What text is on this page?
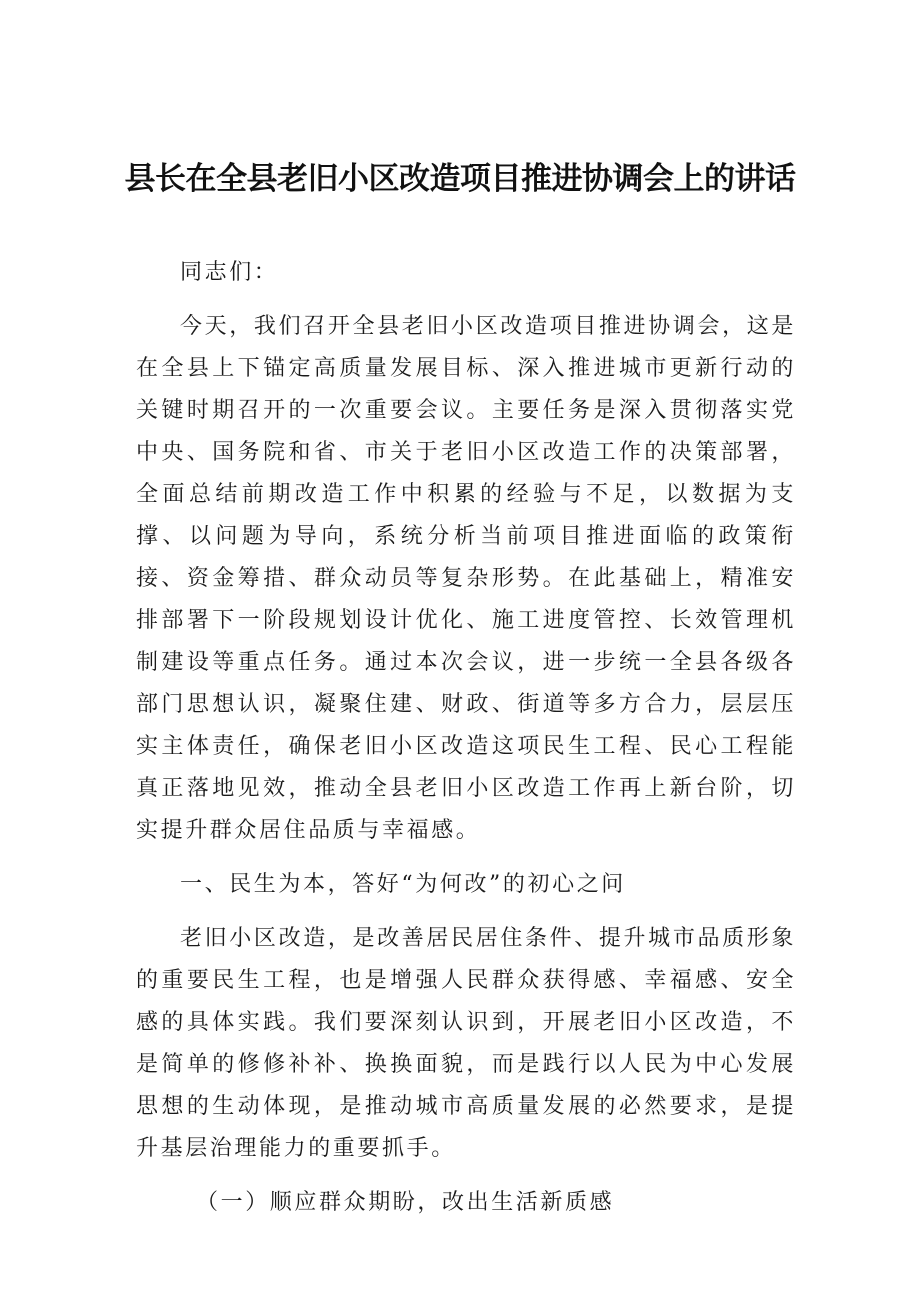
县长在全县老旧小区改造项目推进协调会上的讲话

同志们：

今天，我们召开全县老旧小区改造项目推进协调会，这是在全县上下锚定高质量发展目标、深入推进城市更新行动的关键时期召开的一次重要会议。主要任务是深入贯彻落实党中央、国务院和省、市关于老旧小区改造工作的决策部署，全面总结前期改造工作中积累的经验与不足，以数据为支撑、以问题为导向，系统分析当前项目推进面临的政策衔接、资金筹措、群众动员等复杂形势。在此基础上，精准安排部署下一阶段规划设计优化、施工进度管控、长效管理机制建设等重点任务。通过本次会议，进一步统一全县各级各部门思想认识，凝聚住建、财政、街道等多方合力，层层压实主体责任，确保老旧小区改造这项民生工程、民心工程能真正落地见效，推动全县老旧小区改造工作再上新台阶，切实提升群众居住品质与幸福感。

一、民生为本，答好“为何改”的初心之问

老旧小区改造，是改善居民居住条件、提升城市品质形象的重要民生工程，也是增强人民群众获得感、幸福感、安全感的具体实践。我们要深刻认识到，开展老旧小区改造，不是简单的修修补补、换换面貌，而是践行以人民为中心发展思想的生动体现，是推动城市高质量发展的必然要求，是提升基层治理能力的重要抓手。

（一）顺应群众期盼，改出生活新质感
